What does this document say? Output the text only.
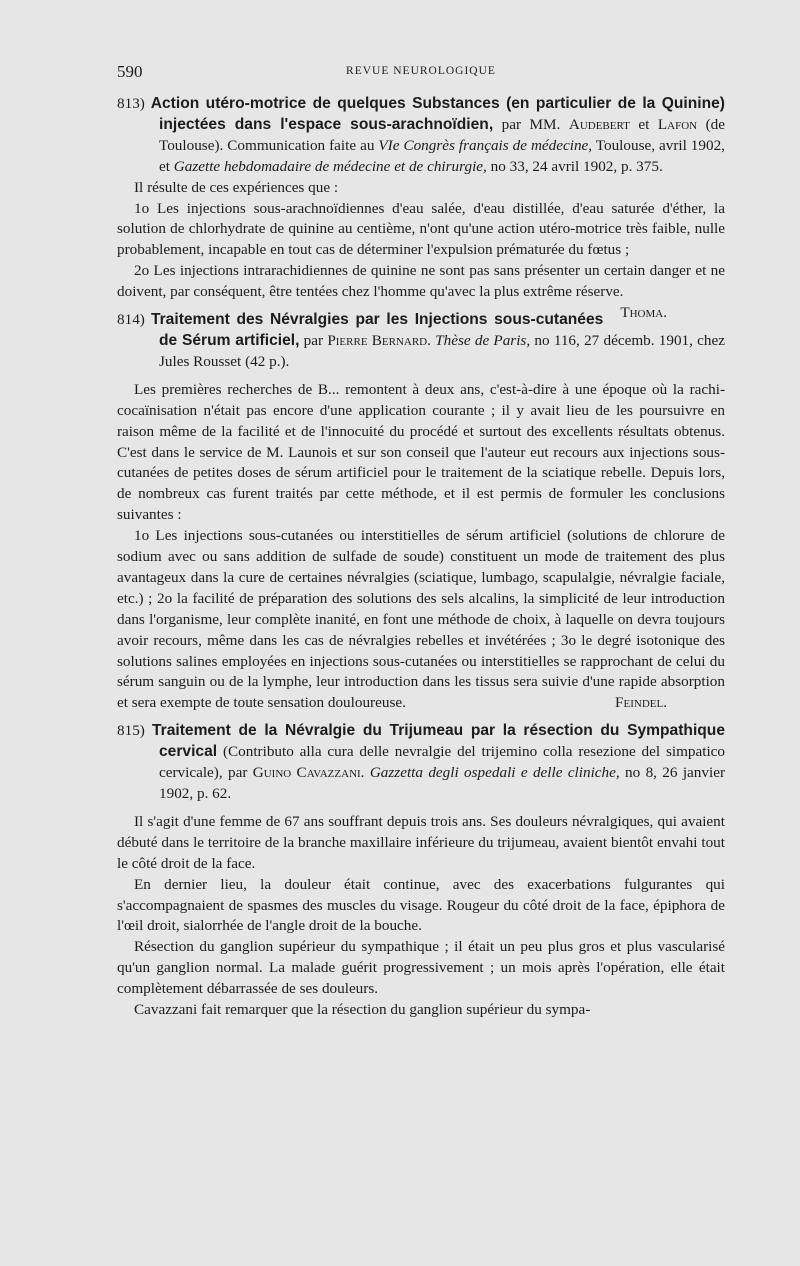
590	REVUE NEUROLOGIQUE
813) Action utéro-motrice de quelques Substances (en particulier de la Quinine) injectées dans l'espace sous-arachnoïdien, par MM. Audebert et Lafon (de Toulouse). Communication faite au VIe Congrès français de médecine, Toulouse, avril 1902, et Gazette hebdomadaire de médecine et de chirurgie, no 33, 24 avril 1902, p. 375.
Il résulte de ces expériences que :
1o Les injections sous-arachnoïdiennes d'eau salée, d'eau distillée, d'eau saturée d'éther, la solution de chlorhydrate de quinine au centième, n'ont qu'une action utéro-motrice très faible, nulle probablement, incapable en tout cas de déterminer l'expulsion prématurée du fœtus ;
2o Les injections intrarachidiennes de quinine ne sont pas sans présenter un certain danger et ne doivent, par conséquent, être tentées chez l'homme qu'avec la plus extrême réserve.
Thoma.
814) Traitement des Névralgies par les Injections sous-cutanées de Sérum artificiel, par Pierre Bernard. Thèse de Paris, no 116, 27 décemb. 1901, chez Jules Rousset (42 p.).
Les premières recherches de B... remontent à deux ans, c'est-à-dire à une époque où la rachi-cocaïnisation n'était pas encore d'une application courante ; il y avait lieu de les poursuivre en raison même de la facilité et de l'innocuité du procédé et surtout des excellents résultats obtenus. C'est dans le service de M. Launois et sur son conseil que l'auteur eut recours aux injections sous-cutanées de petites doses de sérum artificiel pour le traitement de la sciatique rebelle. Depuis lors, de nombreux cas furent traités par cette méthode, et il est permis de formuler les conclusions suivantes :
1o Les injections sous-cutanées ou interstitielles de sérum artificiel (solutions de chlorure de sodium avec ou sans addition de sulfade de soude) constituent un mode de traitement des plus avantageux dans la cure de certaines névralgies (sciatique, lumbago, scapulalgie, névralgie faciale, etc.) ; 2o la facilité de préparation des solutions des sels alcalins, la simplicité de leur introduction dans l'organisme, leur complète inanité, en font une méthode de choix, à laquelle on devra toujours avoir recours, même dans les cas de névralgies rebelles et invétérées ; 3o le degré isotonique des solutions salines employées en injections sous-cutanées ou interstitielles se rapprochant de celui du sérum sanguin ou de la lymphe, leur introduction dans les tissus sera suivie d'une rapide absorption et sera exempte de toute sensation douloureuse.	Feindel.
815) Traitement de la Névralgie du Trijumeau par la résection du Sympathique cervical (Contributo alla cura delle nevralgie del trijemino colla resezione del simpatico cervicale), par Guino Cavazzani. Gazzetta degli ospedali e delle cliniche, no 8, 26 janvier 1902, p. 62.
Il s'agit d'une femme de 67 ans souffrant depuis trois ans. Ses douleurs névralgiques, qui avaient débuté dans le territoire de la branche maxillaire inférieure du trijumeau, avaient bientôt envahi tout le côté droit de la face.
En dernier lieu, la douleur était continue, avec des exacerbations fulgurantes qui s'accompagnaient de spasmes des muscles du visage. Rougeur du côté droit de la face, épiphora de l'œil droit, sialorrhée de l'angle droit de la bouche.
Résection du ganglion supérieur du sympathique ; il était un peu plus gros et plus vascularisé qu'un ganglion normal. La malade guérit progressivement ; un mois après l'opération, elle était complètement débarrassée de ses douleurs.
Cavazzani fait remarquer que la résection du ganglion supérieur du sympa-
